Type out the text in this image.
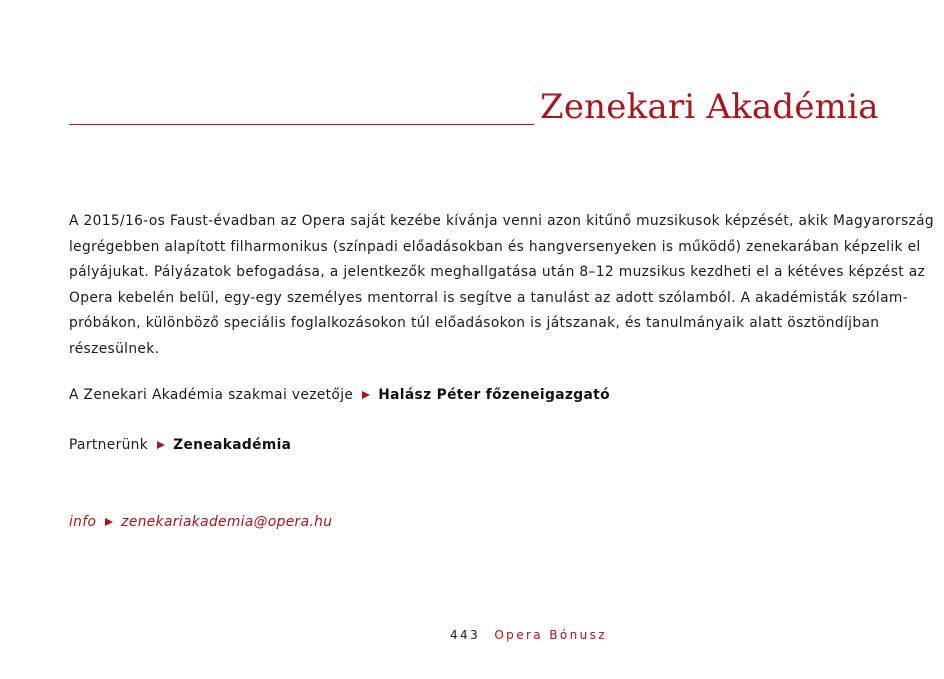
Zenekari Akadémia
A 2015/16-os Faust-évadban az Opera saját kezébe kívánja venni azon kitűnő muzsikusok képzését, akik Magyarország
legrégebben alapított filharmonikus (színpadi előadásokban és hangversenyeken is működő) zenekarában képzelik el
pályájukat. Pályázatok befogadása, a jelentkezők meghallgatása után 8–12 muzsikus kezdheti el a kétéves képzést az
Opera kebelén belül, egy-egy személyes mentorral is segítve a tanulást az adott szólamból. A akadémisták szólam-
próbákon, különböző speciális foglalkozásokon túl előadásokon is játszanak, és tanulmányaik alatt ösztöndíjban
részesülnek.
A Zenekari Akadémia szakmai vezetője Halász Péter főzeneigazgató
Partnerünk Zeneakadémia
info zenekariakademia@opera.hu
443 Opera Bónusz
